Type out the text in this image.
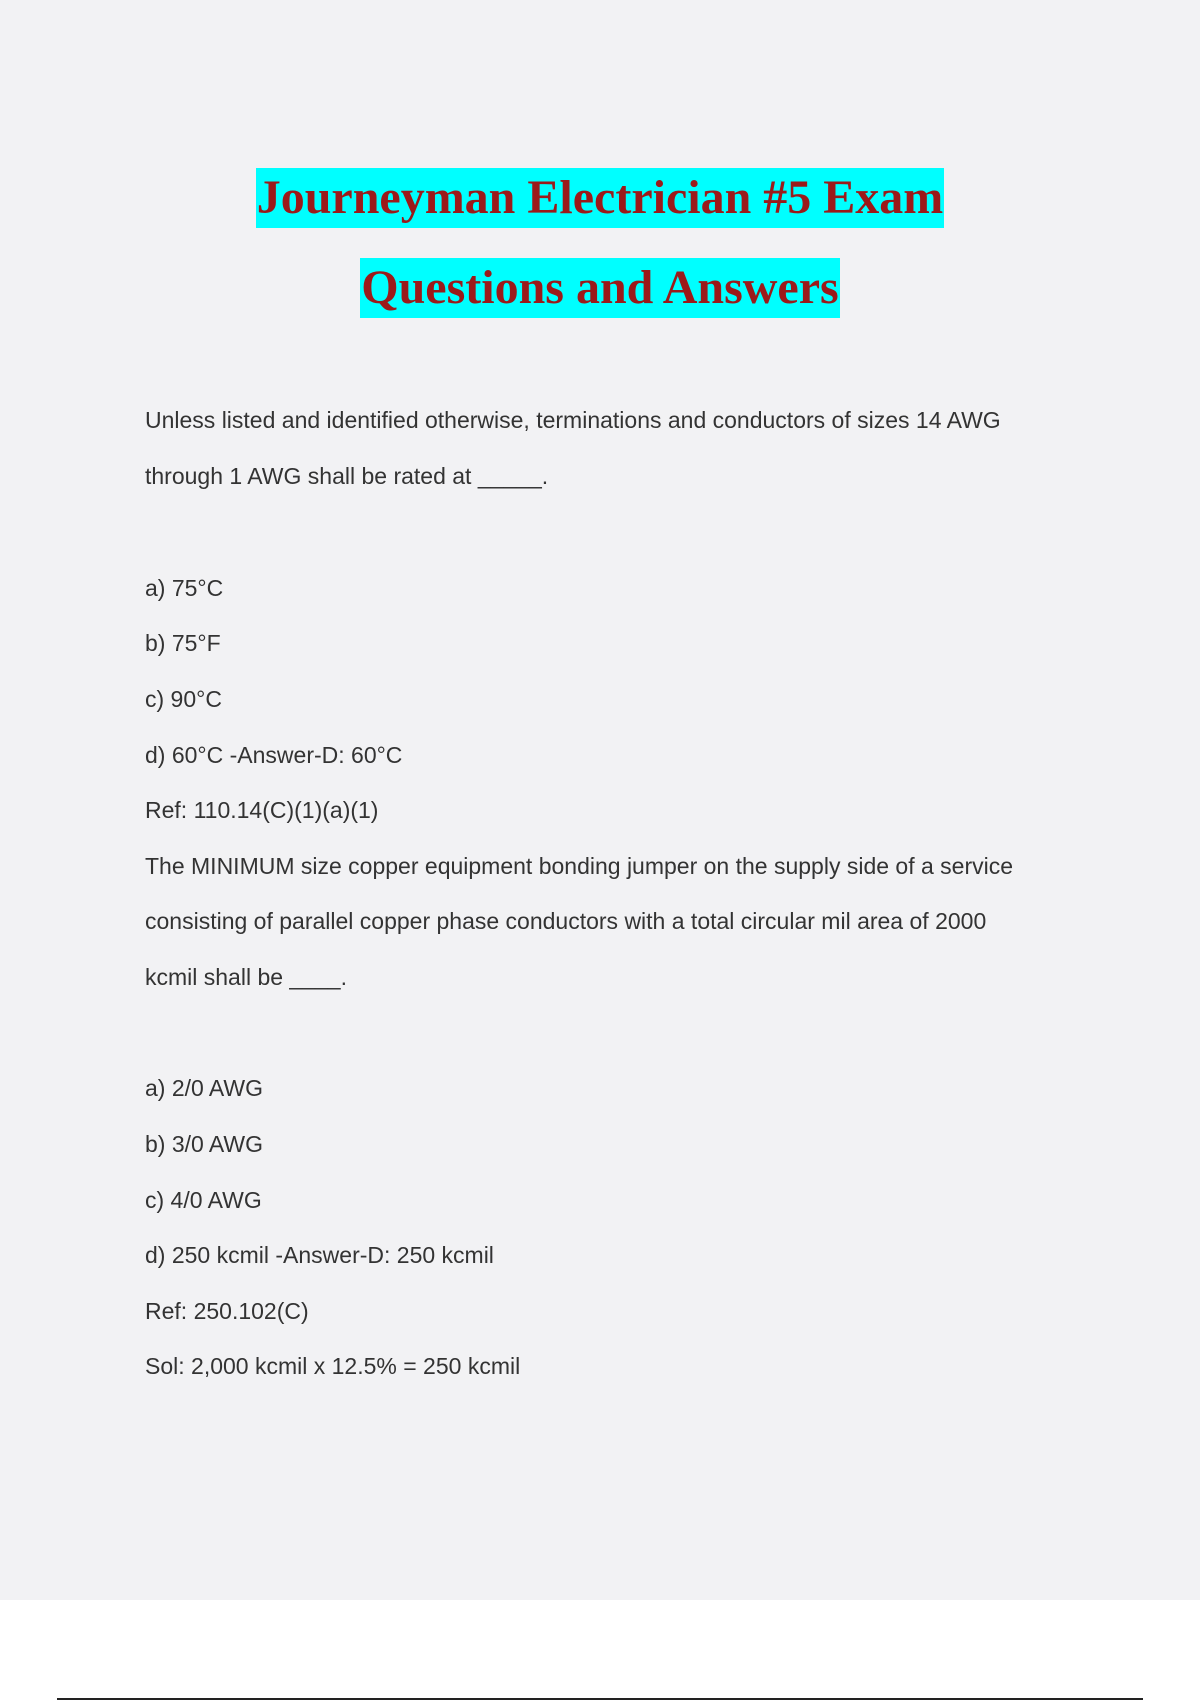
Journeyman Electrician #5 Exam
Questions and Answers
Unless listed and identified otherwise, terminations and conductors of sizes 14 AWG
through 1 AWG shall be rated at _____.
a) 75°C
b) 75°F
c) 90°C
d) 60°C -Answer-D: 60°C
Ref: 110.14(C)(1)(a)(1)
The MINIMUM size copper equipment bonding jumper on the supply side of a service
consisting of parallel copper phase conductors with a total circular mil area of 2000
kcmil shall be ____.
a) 2/0 AWG
b) 3/0 AWG
c) 4/0 AWG
d) 250 kcmil -Answer-D: 250 kcmil
Ref: 250.102(C)
Sol: 2,000 kcmil x 12.5% = 250 kcmil
